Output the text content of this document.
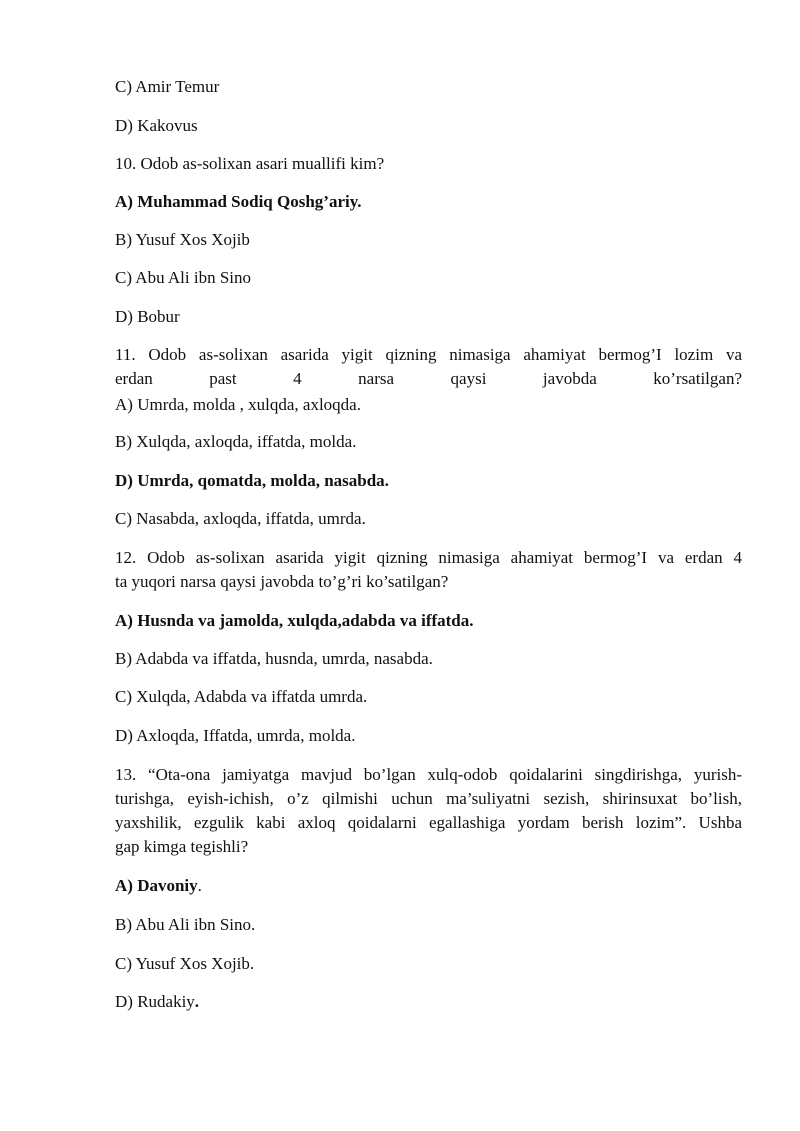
C) Amir Temur
D) Kakovus
10. Odob as-solixan asari muallifi kim?
A) Muhammad Sodiq Qoshg’ariy.
B) Yusuf Xos Xojib
C) Abu Ali ibn Sino
D) Bobur
11. Odob as-solixan asarida yigit qizning nimasiga ahamiyat bermog’I lozim va
erdan past 4 narsa qaysi javobda ko’rsatilgan?
A) Umrda, molda , xulqda, axloqda.
B) Xulqda, axloqda, iffatda, molda.
D) Umrda, qomatda, molda, nasabda.
C) Nasabda, axloqda, iffatda, umrda.
12. Odob as-solixan asarida yigit qizning nimasiga ahamiyat bermog’I va erdan 4
ta yuqori narsa qaysi javobda to’g’ri ko’satilgan?
A) Husnda va jamolda, xulqda,adabda va iffatda.
B) Adabda va iffatda, husnda, umrda, nasabda.
C) Xulqda, Adabda va iffatda umrda.
D) Axloqda, Iffatda, umrda, molda.
13. “Ota-ona jamiyatga mavjud bo’lgan xulq-odob qoidalarini singdirishga, yurish-
turishga, eyish-ichish, o’z qilmishi uchun ma’suliyatni sezish, shirinsuxat bo’lish,
yaxshilik, ezgulik kabi axloq qoidalarni egallashiga yordam berish lozim”. Ushba
gap kimga tegishli?
A) Davoniy.
B) Abu Ali ibn Sino.
C) Yusuf Xos Xojib.
D) Rudakiy.
